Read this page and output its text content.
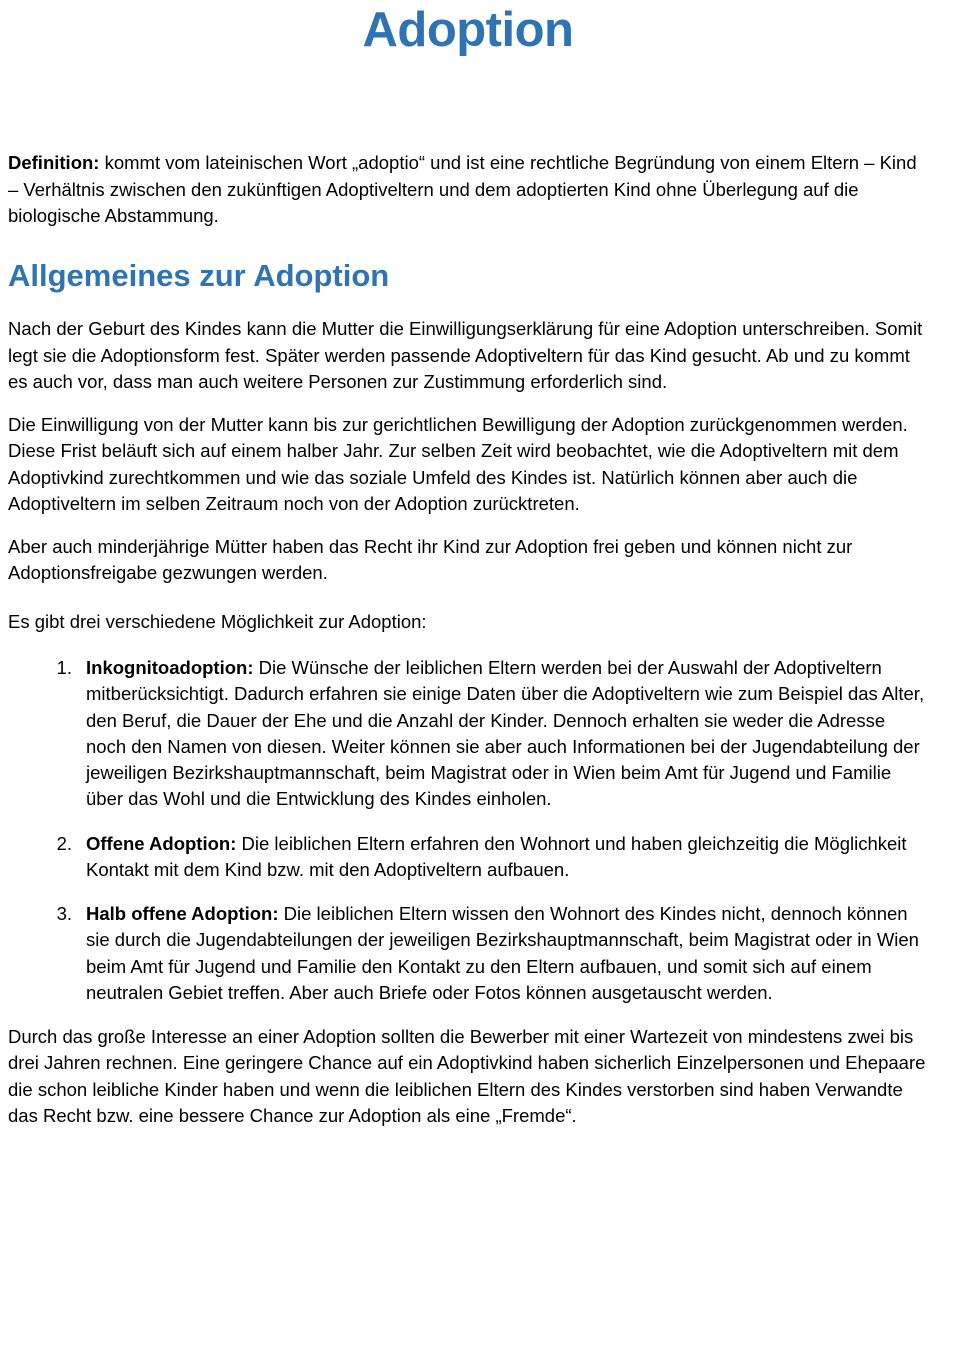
Adoption

Definition: kommt vom lateinischen Wort „adoptio“ und ist eine rechtliche Begründung von einem Eltern – Kind – Verhältnis zwischen den zukünftigen Adoptiveltern und dem adoptierten Kind ohne Überlegung auf die biologische Abstammung.

Allgemeines zur Adoption

Nach der Geburt des Kindes kann die Mutter die Einwilligungserklärung für eine Adoption unterschreiben. Somit legt sie die Adoptionsform fest. Später werden passende Adoptiveltern für das Kind gesucht. Ab und zu kommt es auch vor, dass man auch weitere Personen zur Zustimmung erforderlich sind.

Die Einwilligung von der Mutter kann bis zur gerichtlichen Bewilligung der Adoption zurückgenommen werden. Diese Frist beläuft sich auf einem halber Jahr. Zur selben Zeit wird beobachtet, wie die Adoptiveltern mit dem Adoptivkind zurechtkommen und wie das soziale Umfeld des Kindes ist. Natürlich können aber auch die Adoptiveltern im selben Zeitraum noch von der Adoption zurücktreten.

Aber auch minderjährige Mütter haben das Recht ihr Kind zur Adoption frei geben und können nicht zur Adoptionsfreigabe gezwungen werden.

Es gibt drei verschiedene Möglichkeit zur Adoption:

Inkognitoadoption: Die Wünsche der leiblichen Eltern werden bei der Auswahl der Adoptiveltern mitberücksichtigt. Dadurch erfahren sie einige Daten über die Adoptiveltern wie zum Beispiel das Alter, den Beruf, die Dauer der Ehe und die Anzahl der Kinder. Dennoch erhalten sie weder die Adresse noch den Namen von diesen. Weiter können sie aber auch Informationen bei der Jugendabteilung der jeweiligen Bezirkshauptmannschaft, beim Magistrat oder in Wien beim Amt für Jugend und Familie über das Wohl und die Entwicklung des Kindes einholen.
Offene Adoption: Die leiblichen Eltern erfahren den Wohnort und haben gleichzeitig die Möglichkeit Kontakt mit dem Kind bzw. mit den Adoptiveltern aufbauen.
Halb offene Adoption: Die leiblichen Eltern wissen den Wohnort des Kindes nicht, dennoch können sie durch die Jugendabteilungen der jeweiligen Bezirkshauptmannschaft, beim Magistrat oder in Wien beim Amt für Jugend und Familie den Kontakt zu den Eltern aufbauen, und somit sich auf einem neutralen Gebiet treffen. Aber auch Briefe oder Fotos können ausgetauscht werden.

Durch das große Interesse an einer Adoption sollten die Bewerber mit einer Wartezeit von mindestens zwei bis drei Jahren rechnen. Eine geringere Chance auf ein Adoptivkind haben sicherlich Einzelpersonen und Ehepaare die schon leibliche Kinder haben und wenn die leiblichen Eltern des Kindes verstorben sind haben Verwandte das Recht bzw. eine bessere Chance zur Adoption als eine „Fremde“.
